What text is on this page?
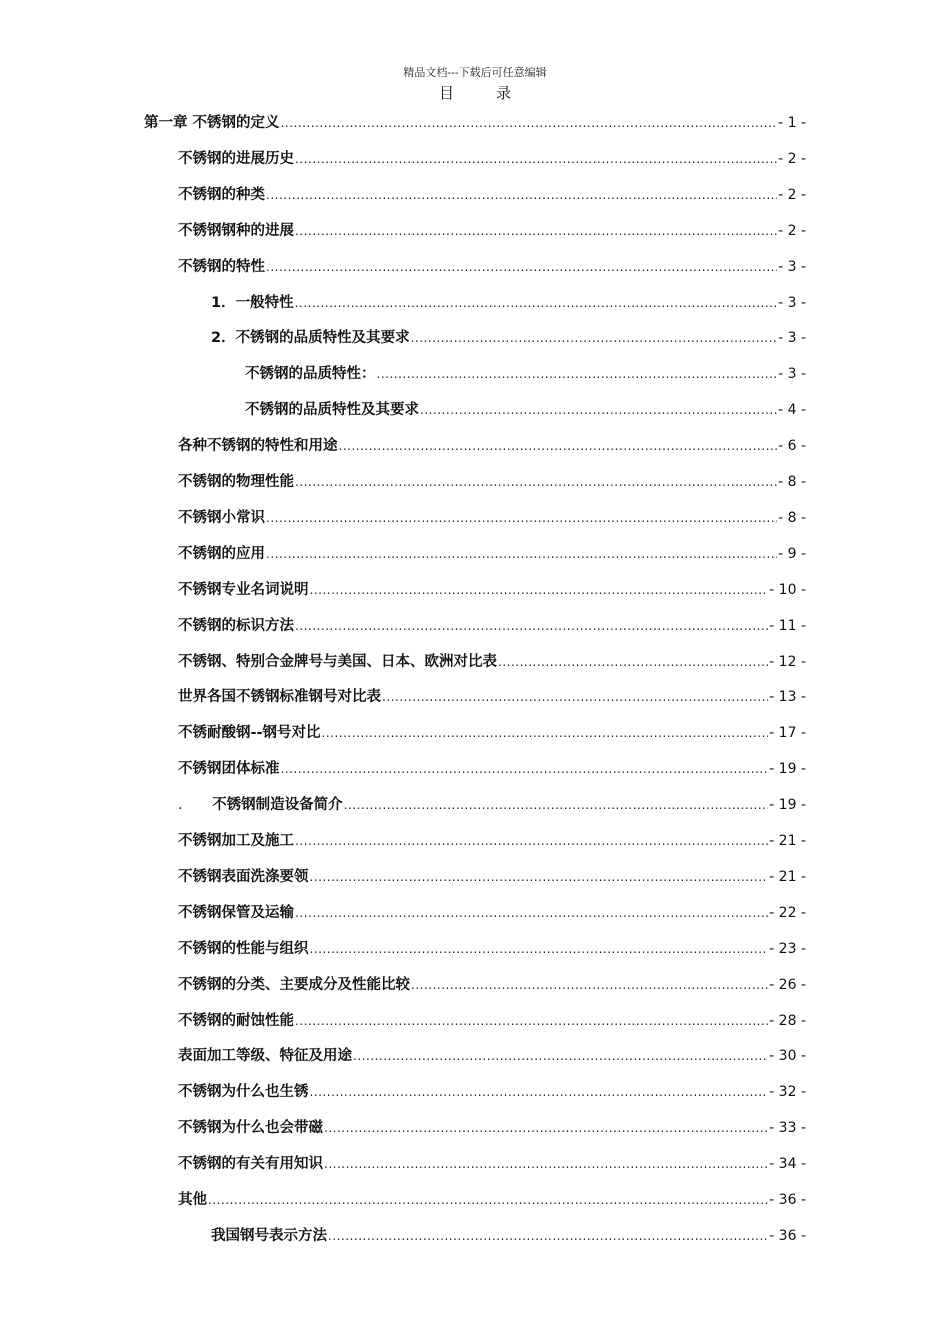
精品文档---下载后可任意编辑
目	录
第一章 不锈钢的定义 .....	- 1 -
不锈钢的进展历史 .....	- 2 -
不锈钢的种类 .....	- 2 -
不锈钢钢种的进展 .....	- 2 -
不锈钢的特性 .....	- 3 -
1．一般特性 .....	- 3 -
2．不锈钢的品质特性及其要求 .....	- 3 -
不锈钢的品质特性： .....	- 3 -
不锈钢的品质特性及其要求 .....	- 4 -
各种不锈钢的特性和用途 .....	- 6 -
不锈钢的物理性能 .....	- 8 -
不锈钢小常识 .....	- 8 -
不锈钢的应用 .....	- 9 -
不锈钢专业名词说明 .....	- 10 -
不锈钢的标识方法 .....	- 11 -
不锈钢、特别合金牌号与美国、日本、欧洲对比表 .....	- 12 -
世界各国不锈钢标准钢号对比表 .....	- 13 -
不锈耐酸钢--钢号对比 .....	- 17 -
不锈钢团体标准 .....	- 19 -
.	不锈钢制造设备简介 .....	- 19 -
不锈钢加工及施工 .....	- 21 -
不锈钢表面洗涤要领 .....	- 21 -
不锈钢保管及运输 .....	- 22 -
不锈钢的性能与组织 .....	- 23 -
不锈钢的分类、主要成分及性能比较 .....	- 26 -
不锈钢的耐蚀性能 .....	- 28 -
表面加工等级、特征及用途 .....	- 30 -
不锈钢为什么也生锈 .....	- 32 -
不锈钢为什么也会带磁 .....	- 33 -
不锈钢的有关有用知识 .....	- 34 -
其他 .....	- 36 -
我国钢号表示方法 .....	- 36 -
